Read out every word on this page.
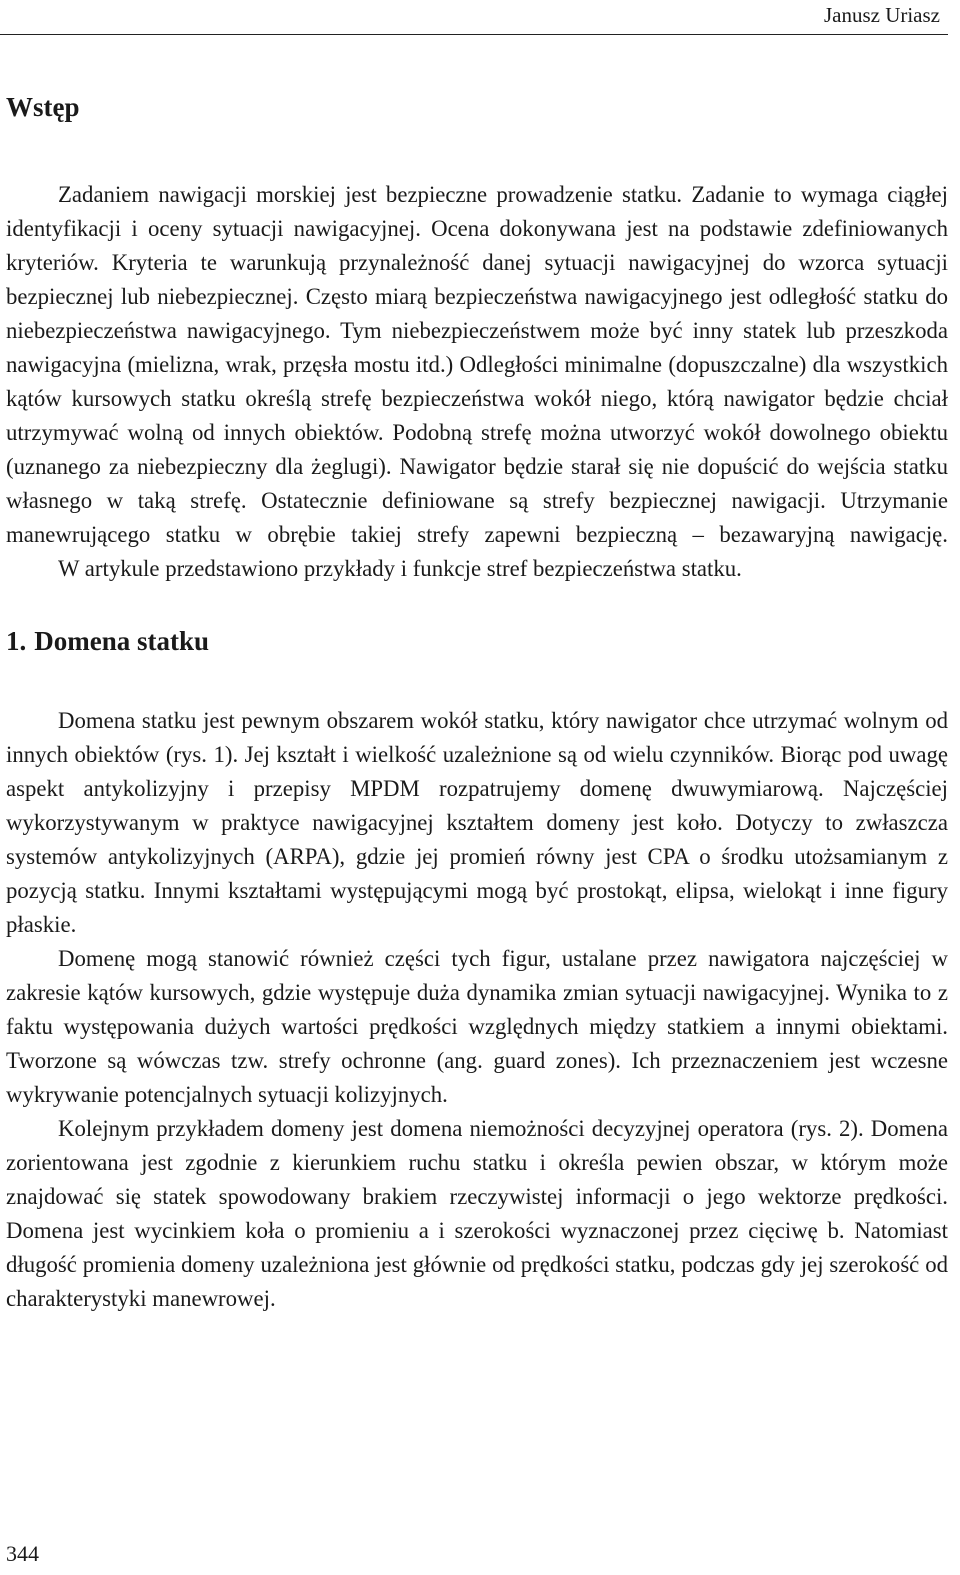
Janusz Uriasz
Wstęp

Zadaniem nawigacji morskiej jest bezpieczne prowadzenie statku. Zadanie to wymaga ciągłej identyfikacji i oceny sytuacji nawigacyjnej. Ocena dokonywana jest na podstawie zdefiniowanych kryteriów. Kryteria te warunkują przynależność danej sytuacji nawigacyjnej do wzorca sytuacji bezpiecznej lub niebezpiecznej. Często miarą bezpieczeństwa nawigacyjnego jest odległość statku do niebezpieczeństwa nawigacyjnego. Tym niebezpieczeństwem może być inny statek lub przeszkoda nawigacyjna (mielizna, wrak, przęsła mostu itd.) Odległości minimalne (dopuszczalne) dla wszystkich kątów kursowych statku określą strefę bezpieczeństwa wokół niego, którą nawigator będzie chciał utrzymywać wolną od innych obiektów. Podobną strefę można utworzyć wokół dowolnego obiektu (uznanego za niebezpieczny dla żeglugi). Nawigator będzie starał się nie dopuścić do wejścia statku własnego w taką strefę. Ostatecznie definiowane są strefy bezpiecznej nawigacji. Utrzymanie manewrującego statku w obrębie takiej strefy zapewni bezpieczną – bezawaryjną nawigację.

W artykule przedstawiono przykłady i funkcje stref bezpieczeństwa statku.

1. Domena statku

Domena statku jest pewnym obszarem wokół statku, który nawigator chce utrzymać wolnym od innych obiektów (rys. 1). Jej kształt i wielkość uzależnione są od wielu czynników. Biorąc pod uwagę aspekt antykolizyjny i przepisy MPDM rozpatrujemy domenę dwuwymiarową. Najczęściej wykorzystywanym w praktyce nawigacyjnej kształtem domeny jest koło. Dotyczy to zwłaszcza systemów antykolizyjnych (ARPA), gdzie jej promień równy jest CPA o środku utożsamianym z pozycją statku. Innymi kształtami występującymi mogą być prostokąt, elipsa, wielokąt i inne figury płaskie.

Domenę mogą stanowić również części tych figur, ustalane przez nawigatora najczęściej w zakresie kątów kursowych, gdzie występuje duża dynamika zmian sytuacji nawigacyjnej. Wynika to z faktu występowania dużych wartości prędkości względnych między statkiem a innymi obiektami. Tworzone są wówczas tzw. strefy ochronne (ang. guard zones). Ich przeznaczeniem jest wczesne wykrywanie potencjalnych sytuacji kolizyjnych.

Kolejnym przykładem domeny jest domena niemożności decyzyjnej operatora (rys. 2). Domena zorientowana jest zgodnie z kierunkiem ruchu statku i określa pewien obszar, w którym może znajdować się statek spowodowany brakiem rzeczywistej informacji o jego wektorze prędkości. Domena jest wycinkiem koła o promieniu a i szerokości wyznaczonej przez cięciwę b. Natomiast długość promienia domeny uzależniona jest głównie od prędkości statku, podczas gdy jej szerokość od charakterystyki manewrowej.

344
